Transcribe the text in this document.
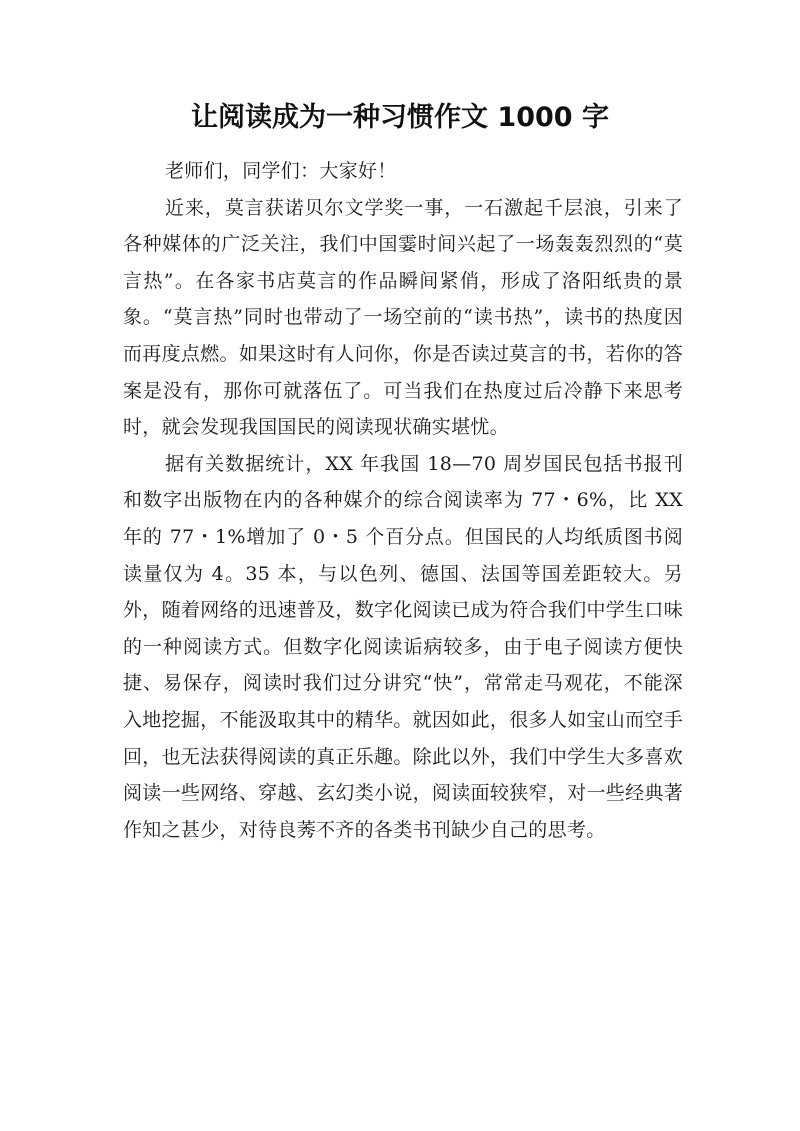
让阅读成为一种习惯作文 1000 字

老师们，同学们：大家好！

近来，莫言获诺贝尔文学奖一事，一石激起千层浪，引来了各种媒体的广泛关注，我们中国霎时间兴起了一场轰轰烈烈的“莫言热”。在各家书店莫言的作品瞬间紧俏，形成了洛阳纸贵的景象。“莫言热”同时也带动了一场空前的“读书热”，读书的热度因而再度点燃。如果这时有人问你，你是否读过莫言的书，若你的答案是没有，那你可就落伍了。可当我们在热度过后冷静下来思考时，就会发现我国国民的阅读现状确实堪忧。

据有关数据统计，XX 年我国 18—70 周岁国民包括书报刊和数字出版物在内的各种媒介的综合阅读率为 77・6%，比 XX 年的 77・1%增加了 0・5 个百分点。但国民的人均纸质图书阅读量仅为 4。35 本，与以色列、德国、法国等国差距较大。另外，随着网络的迅速普及，数字化阅读已成为符合我们中学生口味的一种阅读方式。但数字化阅读诟病较多，由于电子阅读方便快捷、易保存，阅读时我们过分讲究“快”，常常走马观花，不能深入地挖掘，不能汲取其中的精华。就因如此，很多人如宝山而空手回，也无法获得阅读的真正乐趣。除此以外，我们中学生大多喜欢阅读一些网络、穿越、玄幻类小说，阅读面较狭窄，对一些经典著作知之甚少，对待良莠不齐的各类书刊缺少自己的思考。
